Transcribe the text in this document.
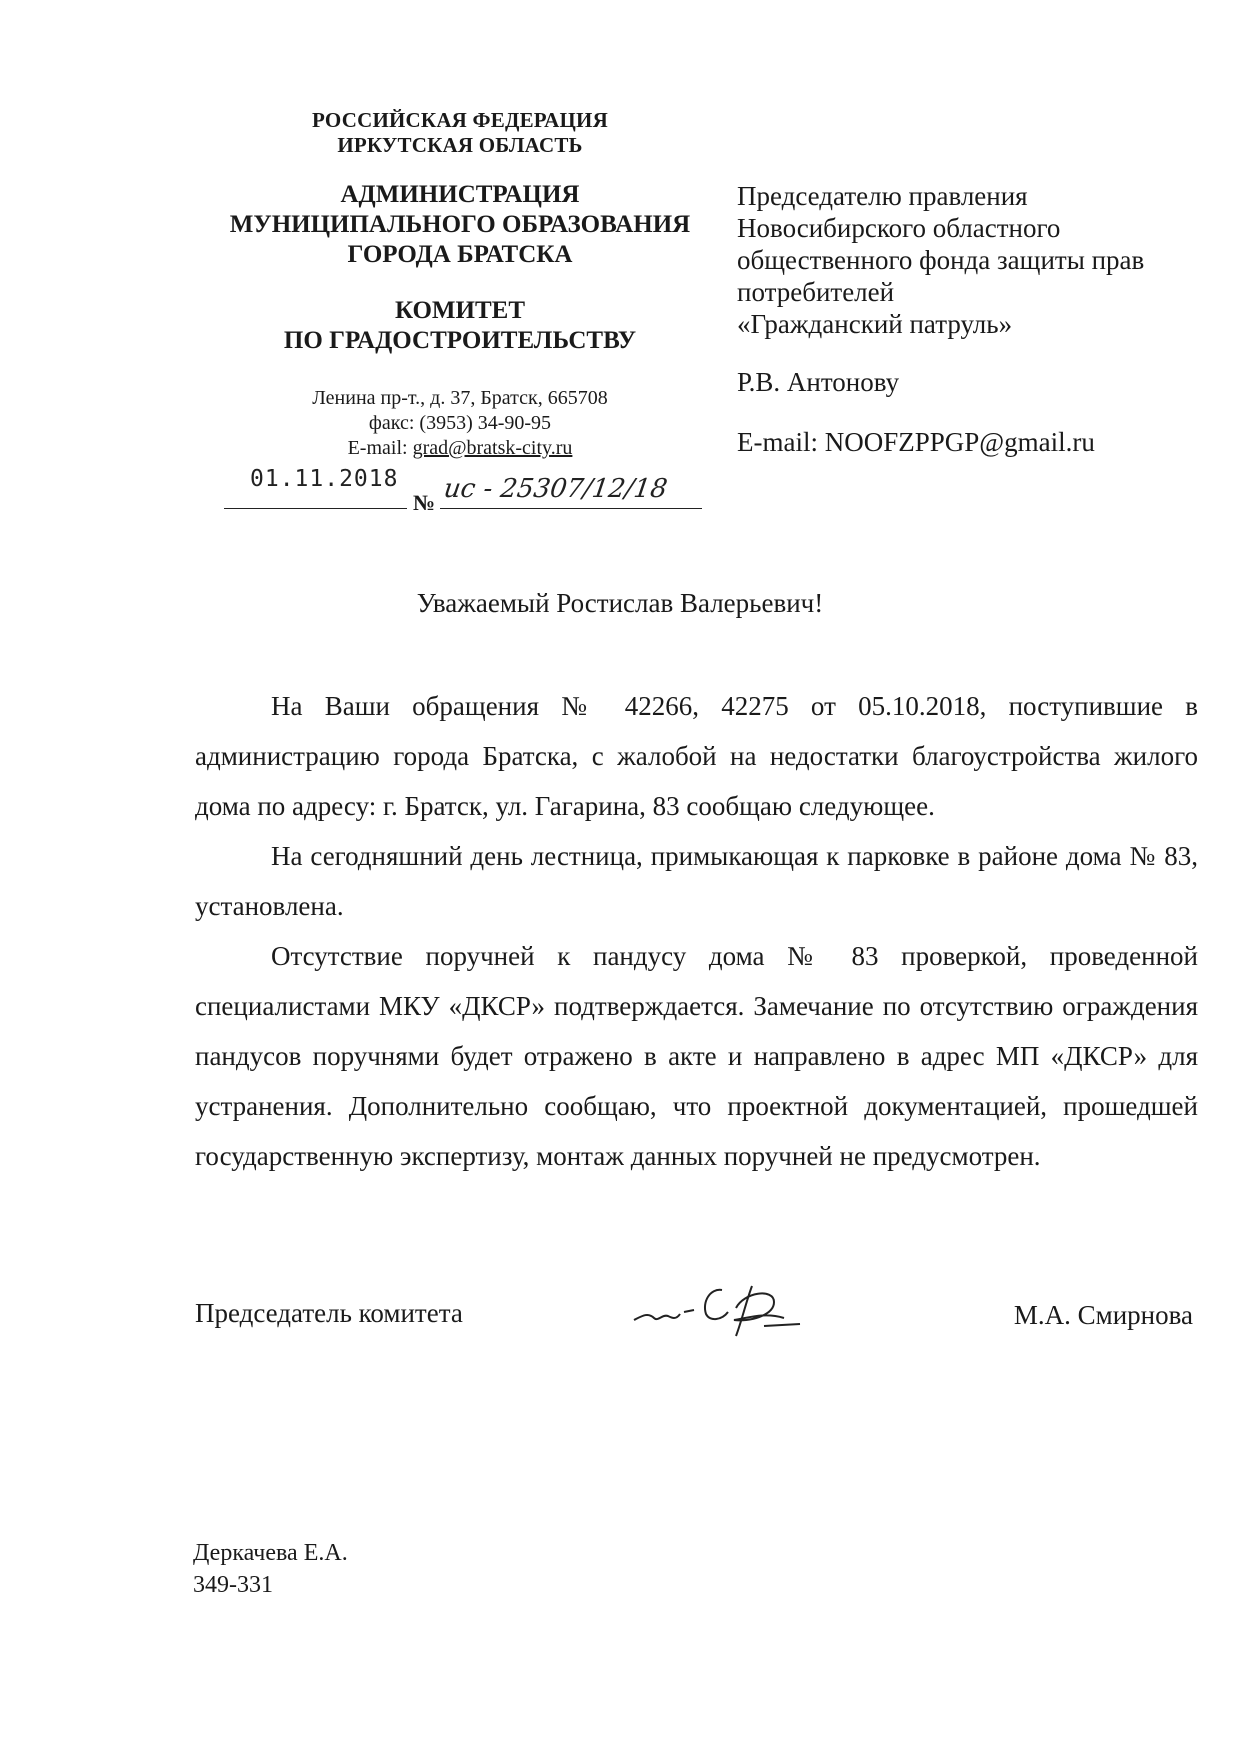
РОССИЙСКАЯ ФЕДЕРАЦИЯ
ИРКУТСКАЯ ОБЛАСТЬ
АДМИНИСТРАЦИЯ
МУНИЦИПАЛЬНОГО ОБРАЗОВАНИЯ
ГОРОДА БРАТСКА
КОМИТЕТ
ПО ГРАДОСТРОИТЕЛЬСТВУ
Ленина пр-т., д. 37, Братск, 665708
факс: (3953) 34-90-95
E-mail: grad@bratsk-city.ru
01.11.2018
№ ис - 25307/12/18
Председателю правления
Новосибирского областного
общественного фонда защиты прав
потребителей
«Гражданский патруль»
Р.В. Антонову
E-mail: NOOFZPPGP@gmail.ru
Уважаемый Ростислав Валерьевич!

На Ваши обращения № 42266, 42275 от 05.10.2018, поступившие в администрацию города Братска, с жалобой на недостатки благоустройства жилого дома по адресу: г. Братск, ул. Гагарина, 83 сообщаю следующее.

На сегодняшний день лестница, примыкающая к парковке в районе дома № 83, установлена.

Отсутствие поручней к пандусу дома № 83 проверкой, проведенной специалистами МКУ «ДКСР» подтверждается. Замечание по отсутствию ограждения пандусов поручнями будет отражено в акте и направлено в адрес МП «ДКСР» для устранения. Дополнительно сообщаю, что проектной документацией, прошедшей государственную экспертизу, монтаж данных поручней не предусмотрен.

Председатель комитета	М.А. Смирнова
Деркачева Е.А.
349-331
